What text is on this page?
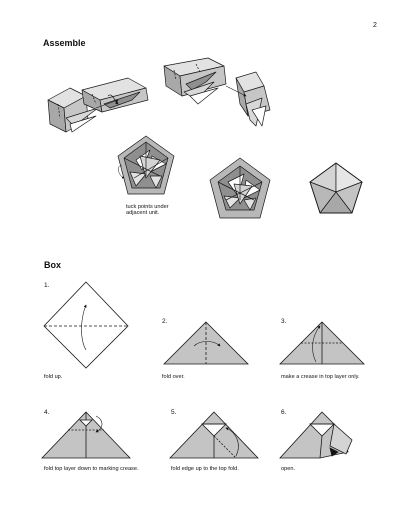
2
Assemble
Box
tuck points under
adjacent unit.
1.
2.	3.
4.	5.	6.
fold up.	fold over.	make a crease in top layer only.
fold top layer down to marking crease.	fold edge up to the top fold.	open.
